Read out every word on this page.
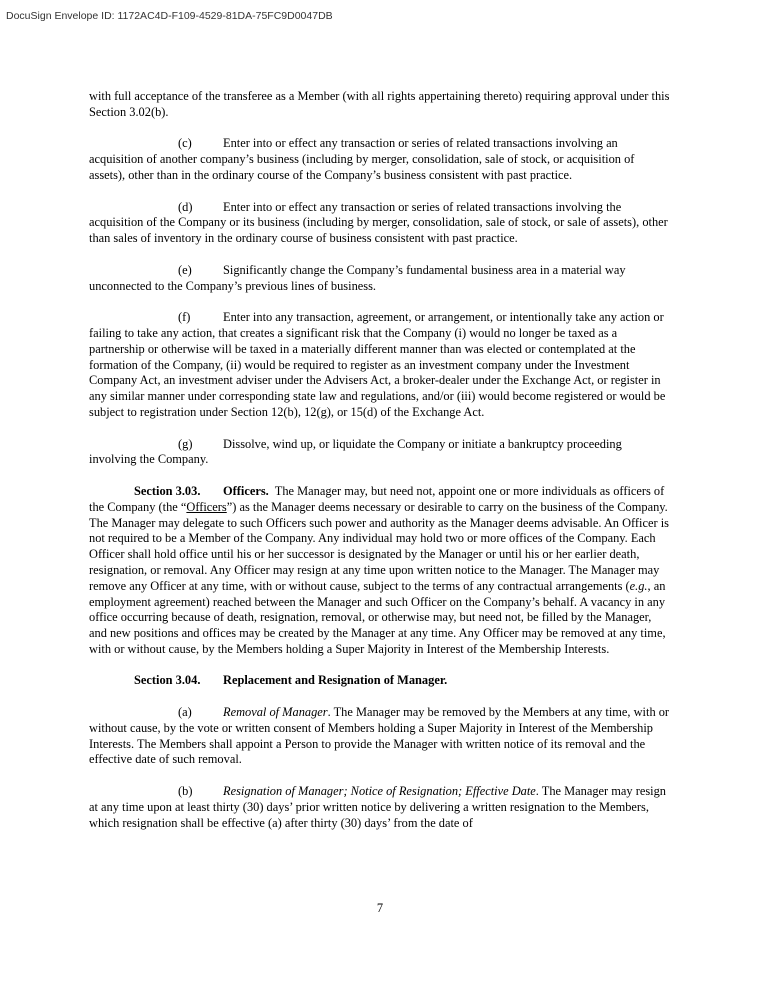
DocuSign Envelope ID: 1172AC4D-F109-4529-81DA-75FC9D0047DB

with full acceptance of the transferee as a Member (with all rights appertaining thereto) requiring approval under this Section 3.02(b).

(c)	Enter into or effect any transaction or series of related transactions involving an acquisition of another company’s business (including by merger, consolidation, sale of stock, or acquisition of assets), other than in the ordinary course of the Company’s business consistent with past practice.

(d) Enter into or effect any transaction or series of related transactions involving the acquisition of the Company or its business (including by merger, consolidation, sale of stock, or sale of assets), other than sales of inventory in the ordinary course of business consistent with past practice.

(e)	Significantly change the Company’s fundamental business area in a material way unconnected to the Company’s previous lines of business.

(f)	Enter into any transaction, agreement, or arrangement, or intentionally take any action or failing to take any action, that creates a significant risk that the Company (i) would no longer be taxed as a partnership or otherwise will be taxed in a materially different manner than was elected or contemplated at the formation of the Company, (ii) would be required to register as an investment company under the Investment Company Act, an investment adviser under the Advisers Act, a broker-dealer under the Exchange Act, or register in any similar manner under corresponding state law and regulations, and/or (iii) would become registered or would be subject to registration under Section 12(b), 12(g), or 15(d) of the Exchange Act.

(g) Dissolve, wind up, or liquidate the Company or initiate a bankruptcy proceeding involving the Company.

Section 3.03. Officers. The Manager may, but need not, appoint one or more individuals as officers of the Company (the “Officers”) as the Manager deems necessary or desirable to carry on the business of the Company. The Manager may delegate to such Officers such power and authority as the Manager deems advisable. An Officer is not required to be a Member of the Company. Any individual may hold two or more offices of the Company. Each Officer shall hold office until his or her successor is designated by the Manager or until his or her earlier death, resignation, or removal. Any Officer may resign at any time upon written notice to the Manager. The Manager may remove any Officer at any time, with or without cause, subject to the terms of any contractual arrangements (e.g., an employment agreement) reached between the Manager and such Officer on the Company’s behalf. A vacancy in any office occurring because of death, resignation, removal, or otherwise may, but need not, be filled by the Manager, and new positions and offices may be created by the Manager at any time. Any Officer may be removed at any time, with or without cause, by the Members holding a Super Majority in Interest of the Membership Interests.

Section 3.04. Replacement and Resignation of Manager.

(a)	Removal of Manager. The Manager may be removed by the Members at any time, with or without cause, by the vote or written consent of Members holding a Super Majority in Interest of the Membership Interests. The Members shall appoint a Person to provide the Manager with written notice of its removal and the effective date of such removal.

(b) Resignation of Manager; Notice of Resignation; Effective Date. The Manager may resign at any time upon at least thirty (30) days’ prior written notice by delivering a written resignation to the Members, which resignation shall be effective (a) after thirty (30) days’ from the date of

7
